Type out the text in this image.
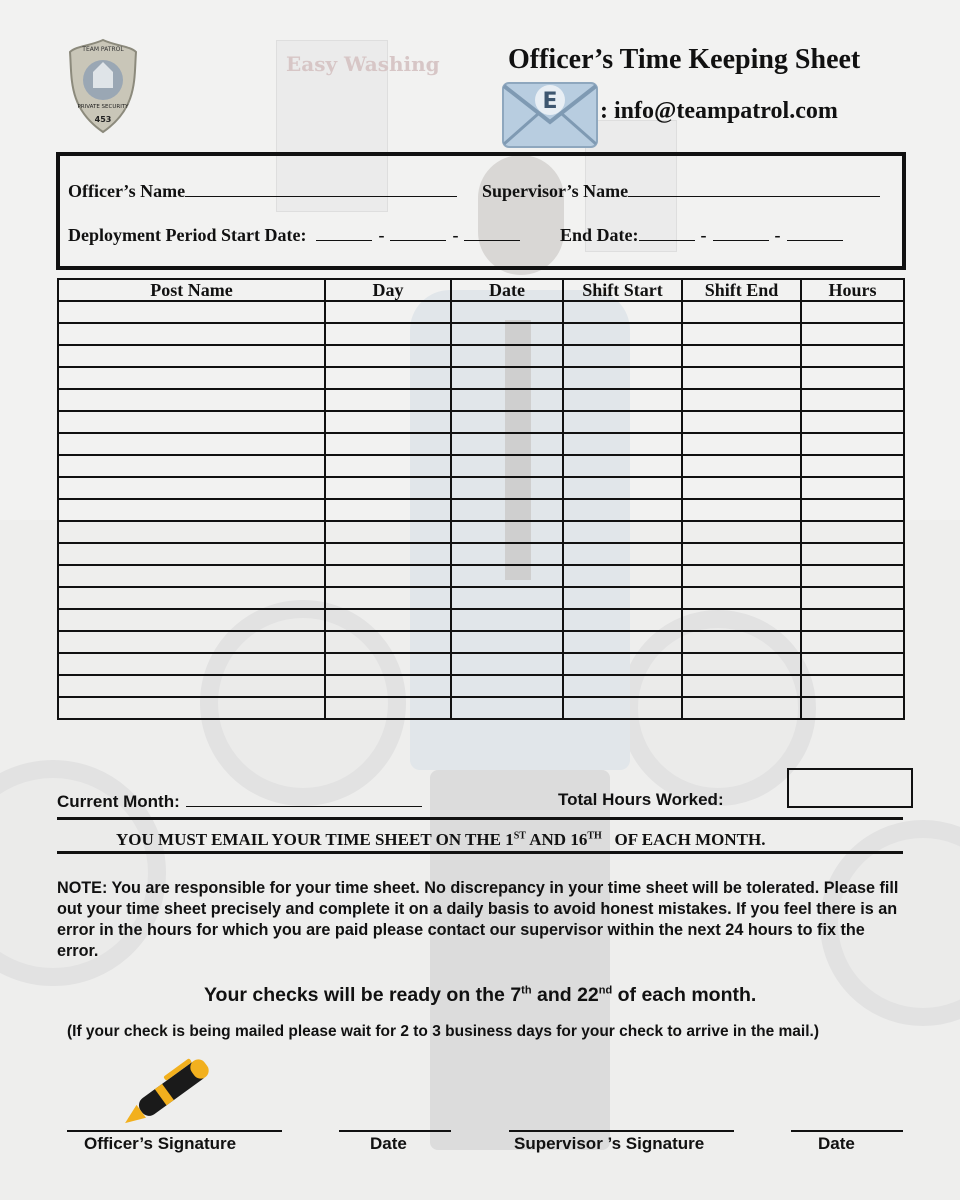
Easy Washing
TEAM PATROL
PRIVATE SECURITY
453
Officer’s Time Keeping Sheet
E : info@teampatrol.com
Officer’s Name	Supervisor’s Name
Deployment Period Start Date:	-	-	End Date:	-	-
Post Name	Day	Date	Shift Start	Shift End	Hours

Current Month:	Total Hours Worked:
YOU MUST EMAIL YOUR TIME SHEET ON THE 1ST AND 16TH   OF EACH MONTH.
NOTE: You are responsible for your time sheet. No discrepancy in your time sheet will be tolerated. Please fill out your time sheet precisely and complete it on a daily basis to avoid honest mistakes. If you feel there is an error in the hours for which you are paid please contact our supervisor within the next 24 hours to fix the error.
Your checks will be ready on the 7th and 22nd of each month.
(If your check is being mailed please wait for 2 to 3 business days for your check to arrive in the mail.)
Officer’s Signature	Date	Supervisor ’s Signature	Date
